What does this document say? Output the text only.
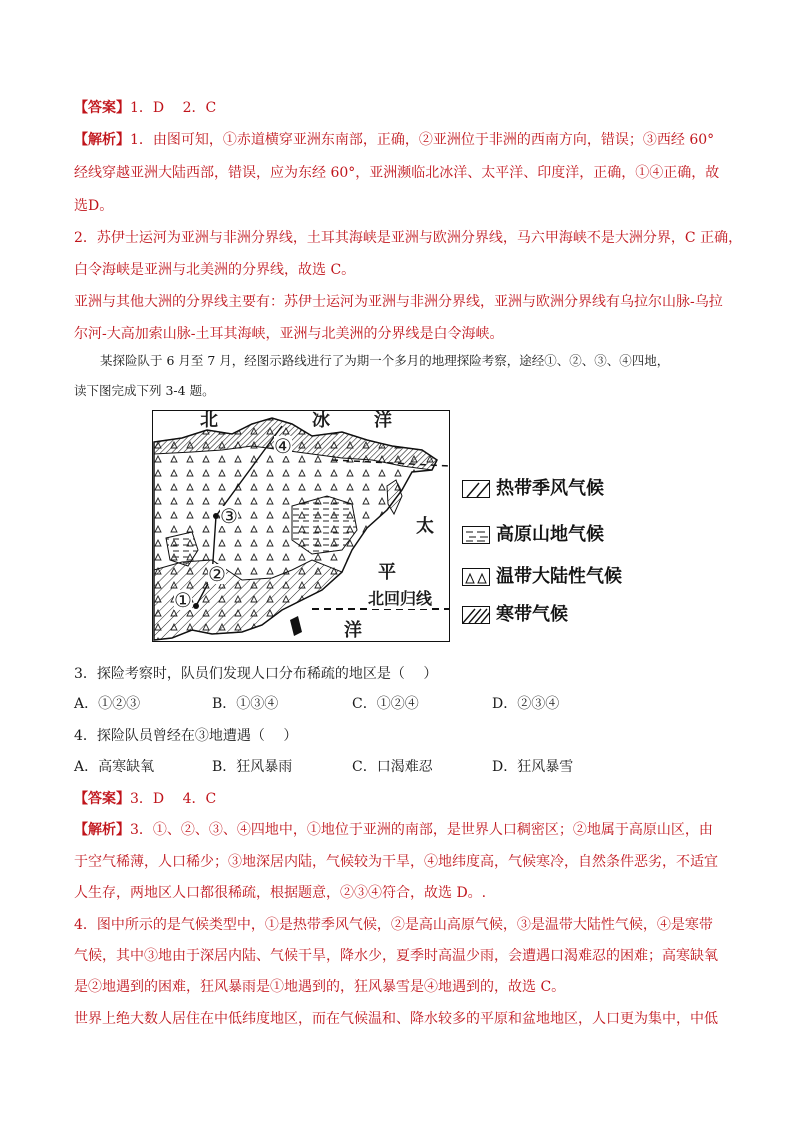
【答案】1．D　 2．C
【解析】1．由图可知，①赤道横穿亚洲东南部，正确，②亚洲位于非洲的西南方向，错误；③西经 60°
经线穿越亚洲大陆西部，错误，应为东经 60°，亚洲濒临北冰洋、太平洋、印度洋，正确，①④正确，故
选D。
2．苏伊士运河为亚洲与非洲分界线，土耳其海峡是亚洲与欧洲分界线，马六甲海峡不是大洲分界，C 正确，
白令海峡是亚洲与北美洲的分界线，故选 C。
亚洲与其他大洲的分界线主要有：苏伊士运河为亚洲与非洲分界线，亚洲与欧洲分界线有乌拉尔山脉-乌拉
尔河-大高加索山脉-土耳其海峡，亚洲与北美洲的分界线是白令海峡。
某探险队于 6 月至 7 月，经图示路线进行了为期一个多月的地理探险考察，途经①、②、③、④四地，
读下图完成下列 3-4 题。
北	冰 洋
太
平
北回归线
洋
①
②
③
④
热带季风气候
高原山地气候
温带大陆性气候
寒带气候
3．探险考察时，队员们发现人口分布稀疏的地区是（　 ）
A．①②③	B．①③④	C．①②④	D．②③④
4．探险队员曾经在③地遭遇（　 ）
A．高寒缺氧	B．狂风暴雨	C．口渴难忍	D．狂风暴雪
【答案】3．D　 4．C
【解析】3．①、②、③、④四地中，①地位于亚洲的南部，是世界人口稠密区；②地属于高原山区，由
于空气稀薄，人口稀少；③地深居内陆，气候较为干旱，④地纬度高，气候寒冷，自然条件恶劣，不适宜
人生存，两地区人口都很稀疏，根据题意，②③④符合，故选 D。.
4．图中所示的是气候类型中，①是热带季风气候，②是高山高原气候，③是温带大陆性气候，④是寒带
气候，其中③地由于深居内陆、气候干旱，降水少，夏季时高温少雨，会遭遇口渴难忍的困难；高寒缺氧
是②地遇到的困难，狂风暴雨是①地遇到的，狂风暴雪是④地遇到的，故选 C。
世界上绝大数人居住在中低纬度地区，而在气候温和、降水较多的平原和盆地地区，人口更为集中，中低
